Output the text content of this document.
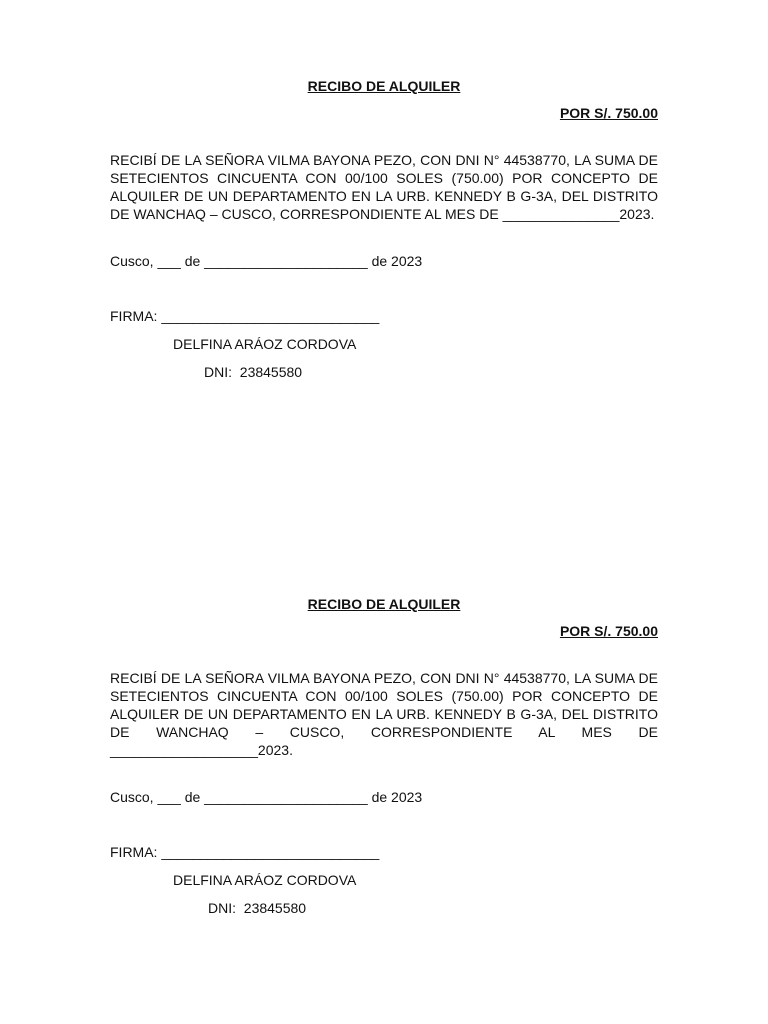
RECIBO DE ALQUILER

POR S/. 750.00

RECIBÍ DE LA SEÑORA VILMA BAYONA PEZO, CON DNI N° 44538770, LA SUMA DE SETECIENTOS CINCUENTA CON 00/100 SOLES (750.00) POR CONCEPTO DE ALQUILER DE UN DEPARTAMENTO EN LA URB. KENNEDY B G-3A, DEL DISTRITO DE WANCHAQ – CUSCO, CORRESPONDIENTE AL MES DE _______________2023.

Cusco, ___ de _____________________ de 2023

FIRMA: ____________________________

DELFINA ARÁOZ CORDOVA

DNI:  23845580

RECIBO DE ALQUILER

POR S/. 750.00

RECIBÍ DE LA SEÑORA VILMA BAYONA PEZO, CON DNI N° 44538770, LA SUMA DE SETECIENTOS CINCUENTA CON 00/100 SOLES (750.00) POR CONCEPTO DE ALQUILER DE UN DEPARTAMENTO EN LA URB. KENNEDY B G-3A, DEL DISTRITO DE WANCHAQ – CUSCO, CORRESPONDIENTE AL MES DE ___________________2023.

Cusco, ___ de _____________________ de 2023

FIRMA: ____________________________

DELFINA ARÁOZ CORDOVA

DNI:  23845580
